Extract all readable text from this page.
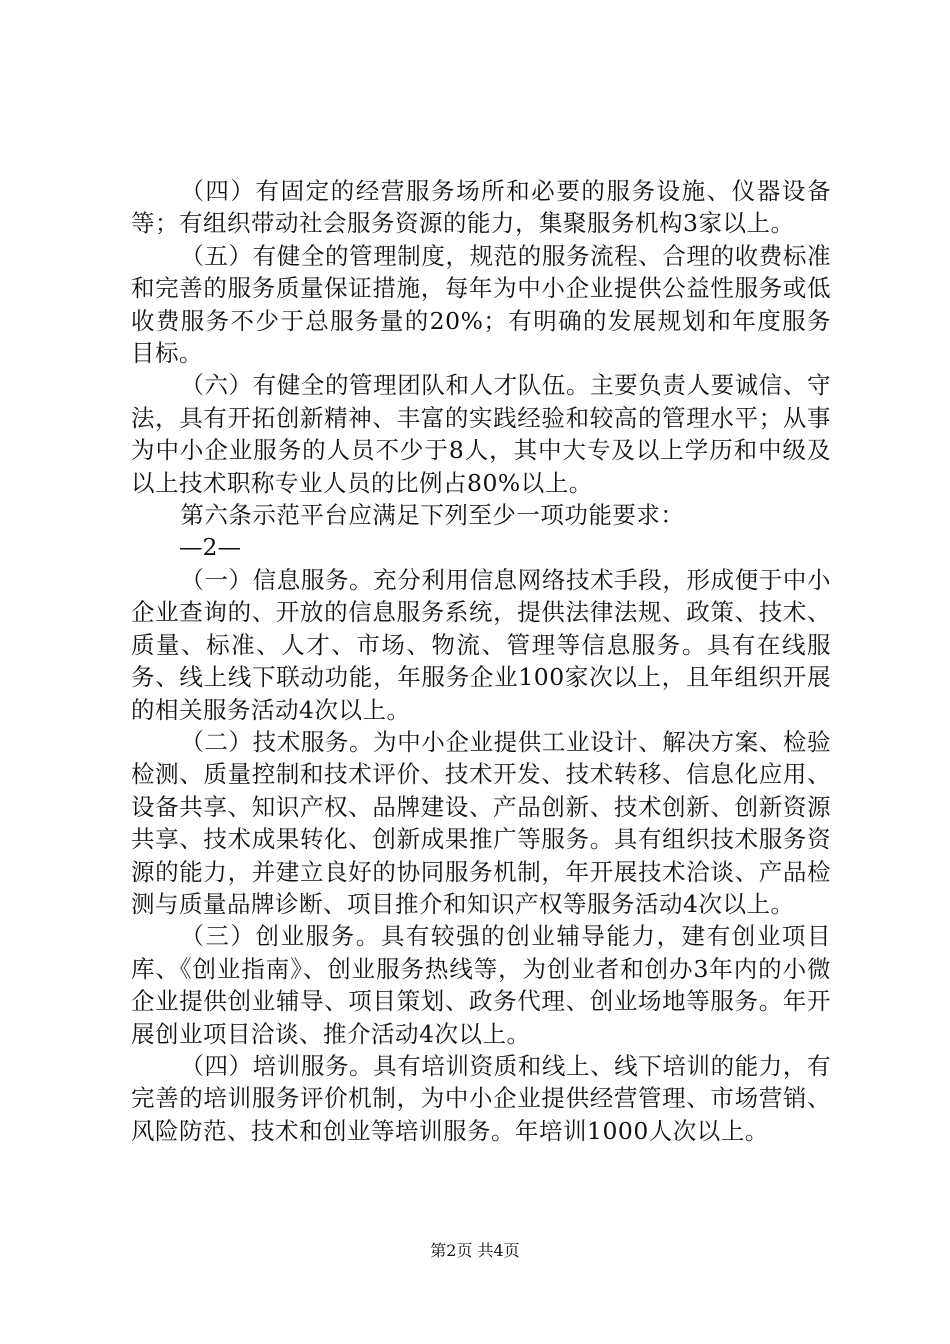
（四）有固定的经营服务场所和必要的服务设施、仪器设备等；有组织带动社会服务资源的能力，集聚服务机构3家以上。

（五）有健全的管理制度，规范的服务流程、合理的收费标准和完善的服务质量保证措施，每年为中小企业提供公益性服务或低收费服务不少于总服务量的20%；有明确的发展规划和年度服务目标。

（六）有健全的管理团队和人才队伍。主要负责人要诚信、守法，具有开拓创新精神、丰富的实践经验和较高的管理水平；从事为中小企业服务的人员不少于8人，其中大专及以上学历和中级及以上技术职称专业人员的比例占80%以上。

第六条示范平台应满足下列至少一项功能要求：

—2—

（一）信息服务。充分利用信息网络技术手段，形成便于中小企业查询的、开放的信息服务系统，提供法律法规、政策、技术、质量、标准、人才、市场、物流、管理等信息服务。具有在线服务、线上线下联动功能，年服务企业100家次以上，且年组织开展的相关服务活动4次以上。

（二）技术服务。为中小企业提供工业设计、解决方案、检验检测、质量控制和技术评价、技术开发、技术转移、信息化应用、设备共享、知识产权、品牌建设、产品创新、技术创新、创新资源共享、技术成果转化、创新成果推广等服务。具有组织技术服务资源的能力，并建立良好的协同服务机制，年开展技术洽谈、产品检测与质量品牌诊断、项目推介和知识产权等服务活动4次以上。

（三）创业服务。具有较强的创业辅导能力，建有创业项目库、《创业指南》、创业服务热线等，为创业者和创办3年内的小微企业提供创业辅导、项目策划、政务代理、创业场地等服务。年开展创业项目洽谈、推介活动4次以上。

（四）培训服务。具有培训资质和线上、线下培训的能力，有完善的培训服务评价机制，为中小企业提供经营管理、市场营销、风险防范、技术和创业等培训服务。年培训1000人次以上。

第2页 共4页
